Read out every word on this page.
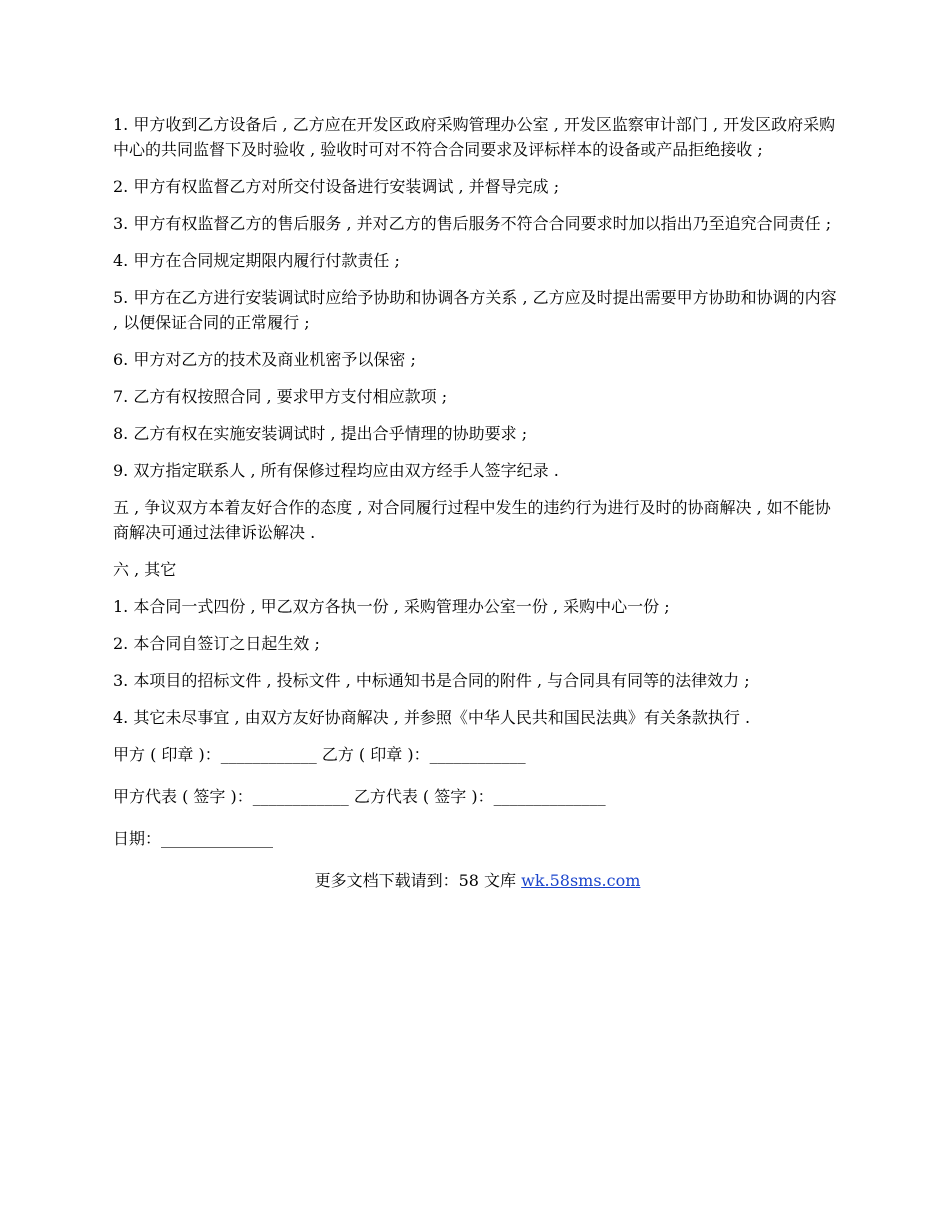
1. 甲方收到乙方设备后 , 乙方应在开发区政府采购管理办公室 , 开发区监察审计部门 , 开发区政府采购中心的共同监督下及时验收 , 验收时可对不符合合同要求及评标样本的设备或产品拒绝接收 ;

2. 甲方有权监督乙方对所交付设备进行安装调试 , 并督导完成 ;

3. 甲方有权监督乙方的售后服务 , 并对乙方的售后服务不符合合同要求时加以指出乃至追究合同责任 ;

4. 甲方在合同规定期限内履行付款责任 ;

5. 甲方在乙方进行安装调试时应给予协助和协调各方关系 , 乙方应及时提出需要甲方协助和协调的内容 , 以便保证合同的正常履行 ;

6. 甲方对乙方的技术及商业机密予以保密 ;

7. 乙方有权按照合同 , 要求甲方支付相应款项 ;

8. 乙方有权在实施安装调试时 , 提出合乎情理的协助要求 ;

9. 双方指定联系人 , 所有保修过程均应由双方经手人签字纪录 .

五 , 争议双方本着友好合作的态度 , 对合同履行过程中发生的违约行为进行及时的协商解决 , 如不能协商解决可通过法律诉讼解决 .

六 , 其它

1. 本合同一式四份 , 甲乙双方各执一份 , 采购管理办公室一份 , 采购中心一份 ;

2. 本合同自签订之日起生效 ;

3. 本项目的招标文件 , 投标文件 , 中标通知书是合同的附件 , 与合同具有同等的法律效力 ;

4. 其它未尽事宜 , 由双方友好协商解决 , 并参照《中华人民共和国民法典》有关条款执行 .

甲方 ( 印章 )：____________ 乙方 ( 印章 )：____________

甲方代表 ( 签字 )：____________ 乙方代表 ( 签字 )：______________

日期：______________

更多文档下载请到：58 文库 wk.58sms.com
